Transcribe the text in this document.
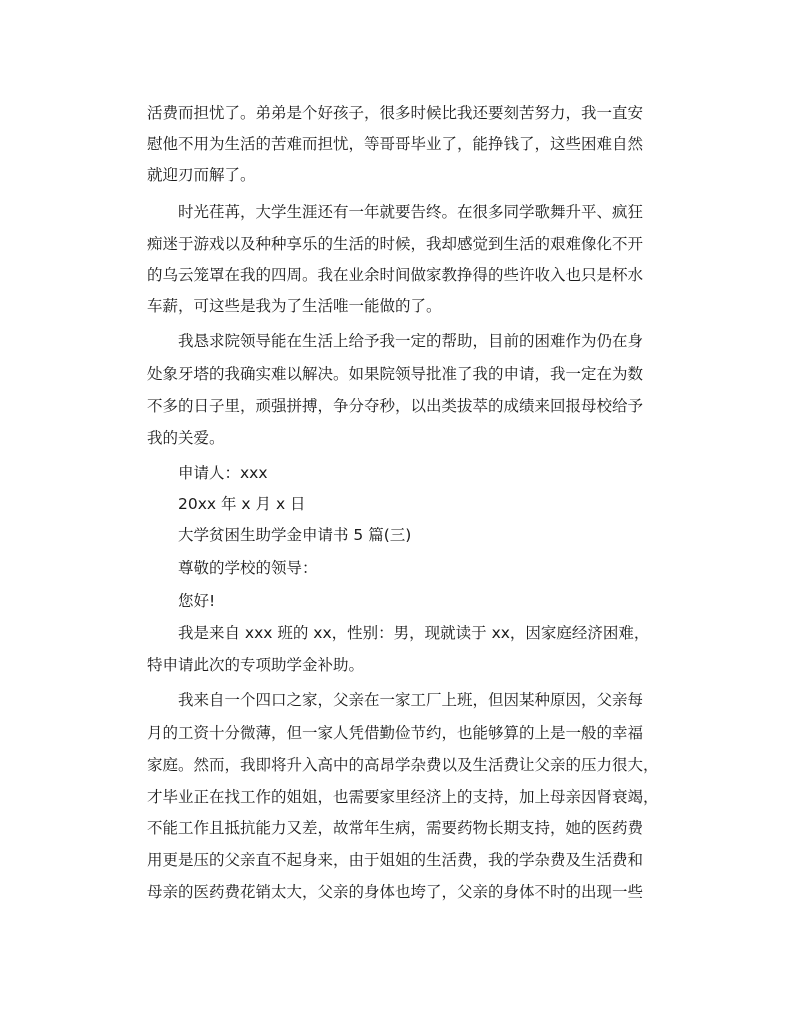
活费而担忧了。弟弟是个好孩子，很多时候比我还要刻苦努力，我一直安
慰他不用为生活的苦难而担忧，等哥哥毕业了，能挣钱了，这些困难自然
就迎刃而解了。
时光荏苒，大学生涯还有一年就要告终。在很多同学歌舞升平、疯狂
痴迷于游戏以及种种享乐的生活的时候，我却感觉到生活的艰难像化不开
的乌云笼罩在我的四周。我在业余时间做家教挣得的些许收入也只是杯水
车薪，可这些是我为了生活唯一能做的了。
我恳求院领导能在生活上给予我一定的帮助，目前的困难作为仍在身
处象牙塔的我确实难以解决。如果院领导批准了我的申请，我一定在为数
不多的日子里，顽强拼搏，争分夺秒，以出类拔萃的成绩来回报母校给予
我的关爱。
申请人：xxx
20xx 年 x 月 x 日
大学贫困生助学金申请书 5 篇(三)
尊敬的学校的领导：
您好!
我是来自 xxx 班的 xx，性别：男，现就读于 xx，因家庭经济困难，
特申请此次的专项助学金补助。
我来自一个四口之家，父亲在一家工厂上班，但因某种原因，父亲每
月的工资十分微薄，但一家人凭借勤俭节约，也能够算的上是一般的幸福
家庭。然而，我即将升入高中的高昂学杂费以及生活费让父亲的压力很大，
才毕业正在找工作的姐姐，也需要家里经济上的支持，加上母亲因肾衰竭，
不能工作且抵抗能力又差，故常年生病，需要药物长期支持，她的医药费
用更是压的父亲直不起身来，由于姐姐的生活费，我的学杂费及生活费和
母亲的医药费花销太大，父亲的身体也垮了，父亲的身体不时的出现一些
